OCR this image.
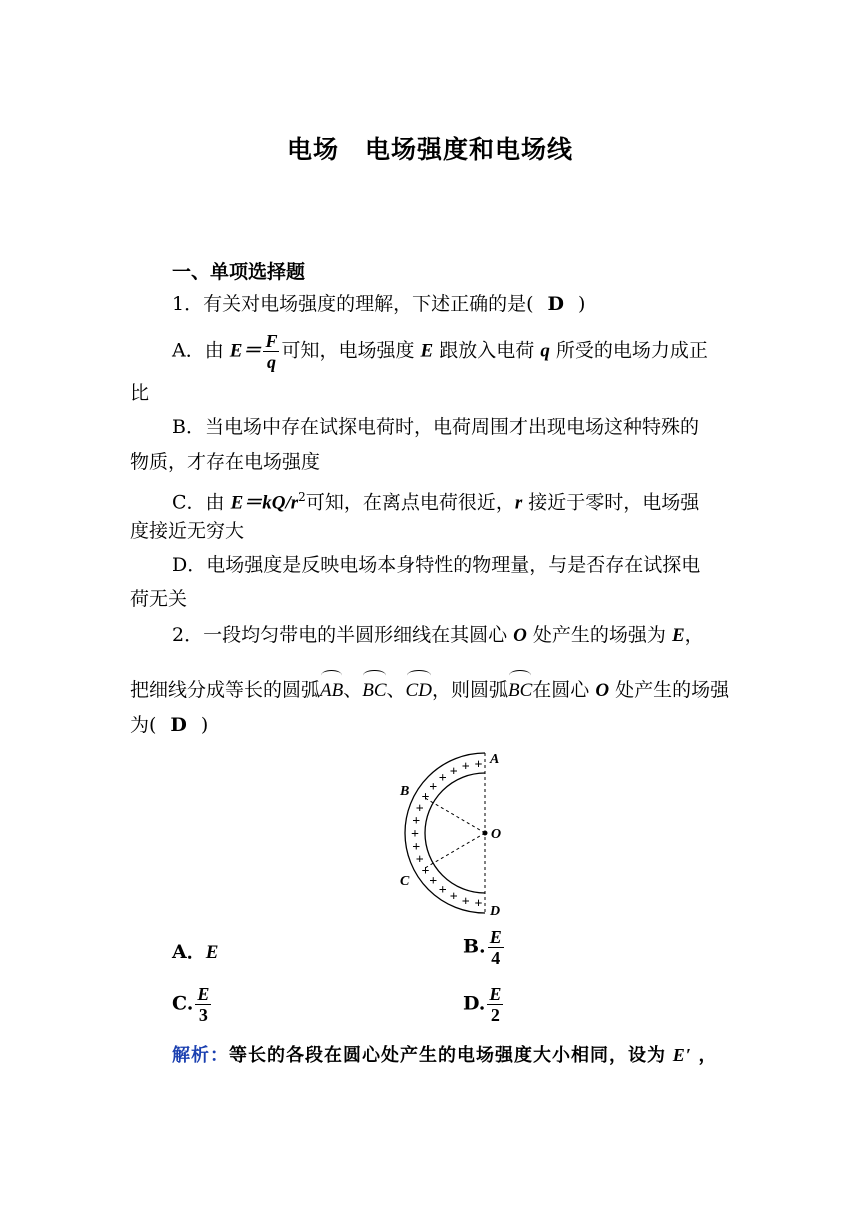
电场　电场强度和电场线
一、单项选择题
1．有关对电场强度的理解，下述正确的是( D )
A．由 $E= \frac{F}{q}$ 可知，电场强度 E 跟放入电荷 q 所受的电场力成正
比
B．当电场中存在试探电荷时，电荷周围才出现电场这种特殊的
物质，才存在电场强度
C．由 $E=kQ/r^2$可知，在离点电荷很近，r 接近于零时，电场强
度接近无穷大
D．电场强度是反映电场本身特性的物理量，与是否存在试探电
荷无关
2．一段均匀带电的半圆形细线在其圆心 O 处产生的场强为 E，
把细线分成等长的圆弧AB、BC、CD，则圆弧BC在圆心 O 处产生的场强
为( D )
+
+
+
+
+
+
+
+
+
+
+
+
+
+ + + +
A
B
C
D
O
A．E	B. $\frac{E}{4}$
C. $\frac{E}{3}$	D. $\frac{E}{2}$
解析：等长的各段在圆心处产生的电场强度大小相同，设为 E′ ，
